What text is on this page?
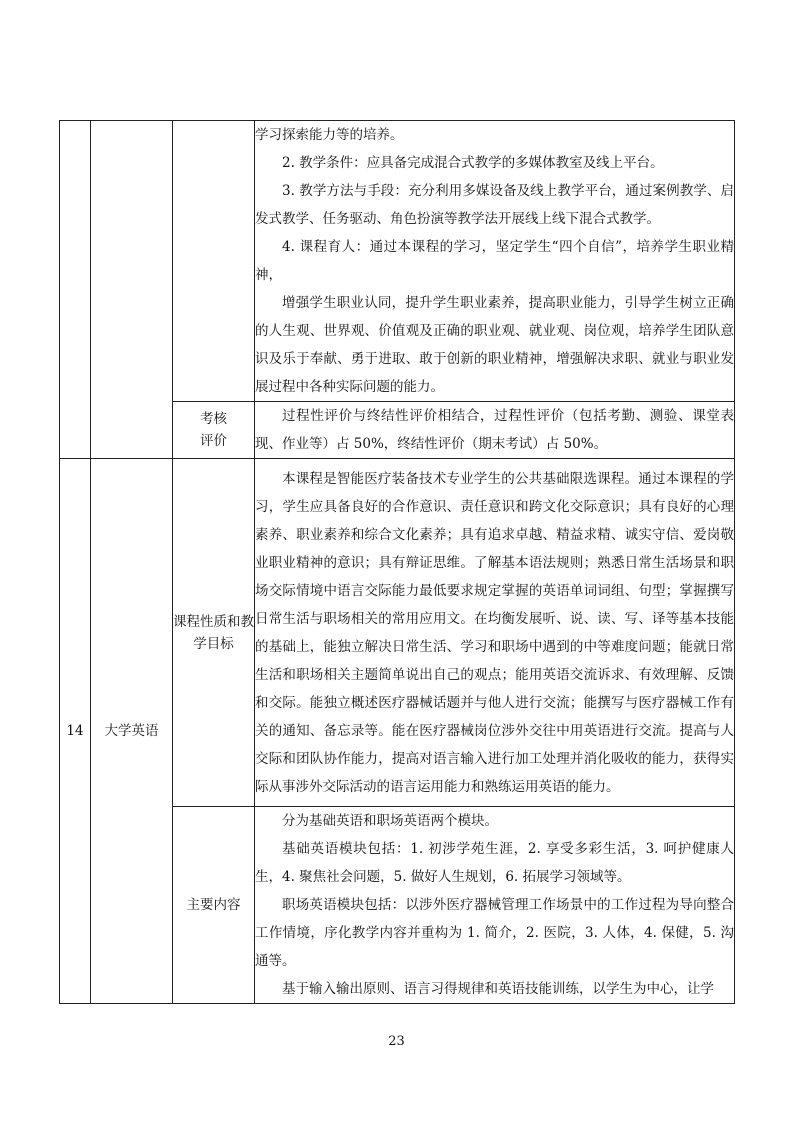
			学习探索能力等的培养。
2. 教学条件：应具备完成混合式教学的多媒体教室及线上平台。
3. 教学方法与手段：充分利用多媒设备及线上教学平台，通过案例教学、启发式教学、任务驱动、角色扮演等教学法开展线上线下混合式教学。
4. 课程育人：通过本课程的学习，坚定学生“四个自信”，培养学生职业精神，
增强学生职业认同，提升学生职业素养，提高职业能力，引导学生树立正确的人生观、世界观、价值观及正确的职业观、就业观、岗位观，培养学生团队意识及乐于奉献、勇于进取、敢于创新的职业精神，增强解决求职、就业与职业发展过程中各种实际问题的能力。

		考核
评价	过程性评价与终结性评价相结合，过程性评价（包括考勤、测验、课堂表现、作业等）占 50%，终结性评价（期末考试）占 50%。

14	大学英语	课程性质和教学目标	本课程是智能医疗装备技术专业学生的公共基础限选课程。通过本课程的学习，学生应具备良好的合作意识、责任意识和跨文化交际意识；具有良好的心理素养、职业素养和综合文化素养；具有追求卓越、精益求精、诚实守信、爱岗敬业职业精神的意识；具有辩证思维。了解基本语法规则；熟悉日常生活场景和职场交际情境中语言交际能力最低要求规定掌握的英语单词词组、句型；掌握撰写日常生活与职场相关的常用应用文。在均衡发展听、说、读、写、译等基本技能的基础上，能独立解决日常生活、学习和职场中遇到的中等难度问题；能就日常生活和职场相关主题简单说出自己的观点；能用英语交流诉求、有效理解、反馈和交际。能独立概述医疗器械话题并与他人进行交流；能撰写与医疗器械工作有关的通知、备忘录等。能在医疗器械岗位涉外交往中用英语进行交流。提高与人交际和团队协作能力，提高对语言输入进行加工处理并消化吸收的能力，获得实际从事涉外交际活动的语言运用能力和熟练运用英语的能力。

		主要内容	分为基础英语和职场英语两个模块。
基础英语模块包括：1. 初涉学苑生涯，2. 享受多彩生活，3. 呵护健康人生，4. 聚焦社会问题，5. 做好人生规划，6. 拓展学习领域等。
职场英语模块包括：以涉外医疗器械管理工作场景中的工作过程为导向整合工作情境，序化教学内容并重构为 1. 简介，2. 医院，3. 人体，4. 保健，5. 沟通等。
基于输入输出原则、语言习得规律和英语技能训练，以学生为中心，让学
23
